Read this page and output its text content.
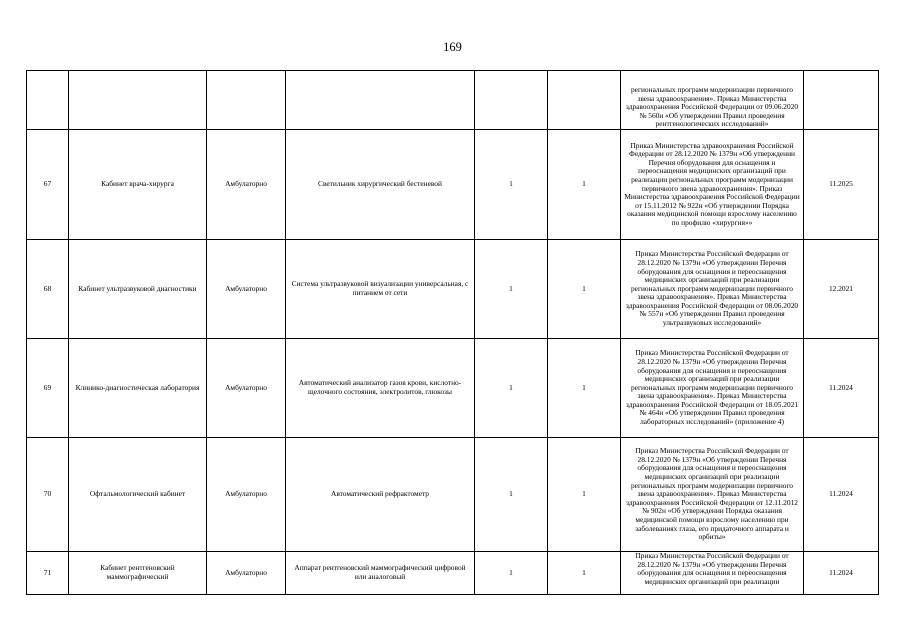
169
						региональных программ модернизации первичного звена здравоохранения». Приказ Министерства здравоохранения Российской Федерации от 09.06.2020 № 560н «Об утверждении Правил проведения рентгенологических исследований»	
67	Кабинет врача-хирурга	Амбулаторно	Светильник хирургический бестеневой	1	1	Приказ Министерства здравоохранения Российской Федерации от 28.12.2020 № 1379н «Об утверждении Перечня оборудования для оснащения и переоснащения медицинских организаций при реализации региональных программ модернизации первичного звена здравоохранения». Приказ Министерства здравоохранения Российской Федерации от 15.11.2012 № 922н «Об утверждении Порядка оказания медицинской помощи взрослому населению по профилю «хирургия»»	11.2025
68	Кабинет ультразвуковой диагностики	Амбулаторно	Система ультразвуковой визуализации универсальная, с питанием от сети	1	1	Приказ Министерства Российской Федерации от 28.12.2020 № 1379н «Об утверждении Перечня оборудования для оснащения и переоснащения медицинских организаций при реализации региональных программ модернизации первичного звена здравоохранения». Приказ Министерства здравоохранения Российской Федерации от 08.06.2020 № 557н «Об утверждении Правил проведения ультразвуковых исследований»	12.2021
69	Клинико-диагностическая лаборатория	Амбулаторно	Автоматический анализатор газов крови, кислотно-щелочного состояния, электролитов, глюкозы	1	1	Приказ Министерства Российской Федерации от 28.12.2020 № 1379н «Об утверждении Перечня оборудования для оснащения и переоснащения медицинских организаций при реализации региональных программ модернизации первичного звена здравоохранения». Приказ Министерства здравоохранения Российской Федерации от 18.05.2021 № 464н «Об утверждении Правил проведения лабораторных исследований» (приложение 4)	11.2024
70	Офтальмологический кабинет	Амбулаторно	Автоматический рефрактометр	1	1	Приказ Министерства Российской Федерации от 28.12.2020 № 1379н «Об утверждении Перечня оборудования для оснащения и переоснащения медицинских организаций при реализации региональных программ модернизации первичного звена здравоохранения». Приказ Министерства здравоохранения Российской Федерации от 12.11.2012 № 902н «Об утверждении Порядка оказания медицинской помощи взрослому населению при заболеваниях глаза, его придаточного аппарата и орбиты»	11.2024
71	Кабинет рентгеновский маммографический	Амбулаторно	Аппарат рентгеновский маммографический цифровой или аналоговый	1	1	Приказ Министерства Российской Федерации от 28.12.2020 № 1379н «Об утверждении Перечня оборудования для оснащения и переоснащения медицинских организаций при реализации	11.2024
